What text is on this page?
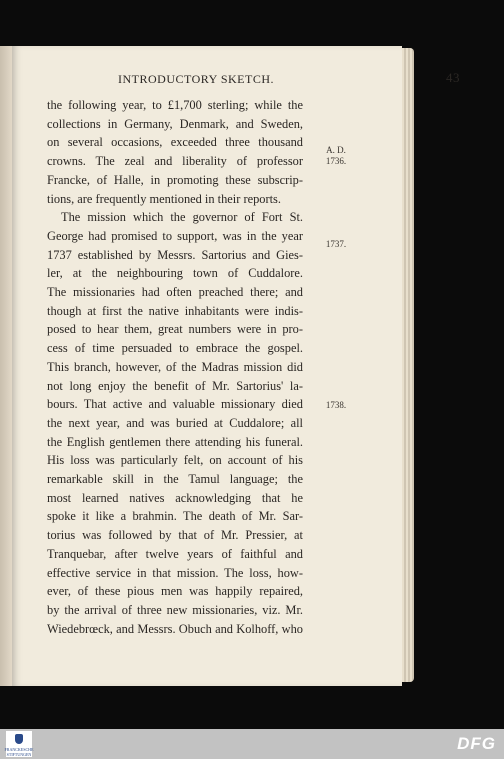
INTRODUCTORY SKETCH.	43
the following year, to £1,700 sterling; while the
collections in Germany, Denmark, and Sweden,
on several occasions, exceeded three thousand
crowns. The zeal and liberality of professor
Francke, of Halle, in promoting these subscrip-
tions, are frequently mentioned in their reports.
The mission which the governor of Fort St.
George had promised to support, was in the year
1737 established by Messrs. Sartorius and Gies-
ler, at the neighbouring town of Cuddalore.
The missionaries had often preached there; and
though at first the native inhabitants were indis-
posed to hear them, great numbers were in pro-
cess of time persuaded to embrace the gospel.
This branch, however, of the Madras mission did
not long enjoy the benefit of Mr. Sartorius' la-
bours. That active and valuable missionary died
the next year, and was buried at Cuddalore; all
the English gentlemen there attending his funeral.
His loss was particularly felt, on account of his
remarkable skill in the Tamul language; the
most learned natives acknowledging that he
spoke it like a brahmin. The death of Mr. Sar-
torius was followed by that of Mr. Pressier, at
Tranquebar, after twelve years of faithful and
effective service in that mission. The loss, how-
ever, of these pious men was happily repaired,
by the arrival of three new missionaries, viz. Mr.
Wiedebrœck, and Messrs. Obuch and Kolhoff, who
A. D.
1736.
1737.
1738.
FRANCKESCHE STIFTUNGEN
DFG
